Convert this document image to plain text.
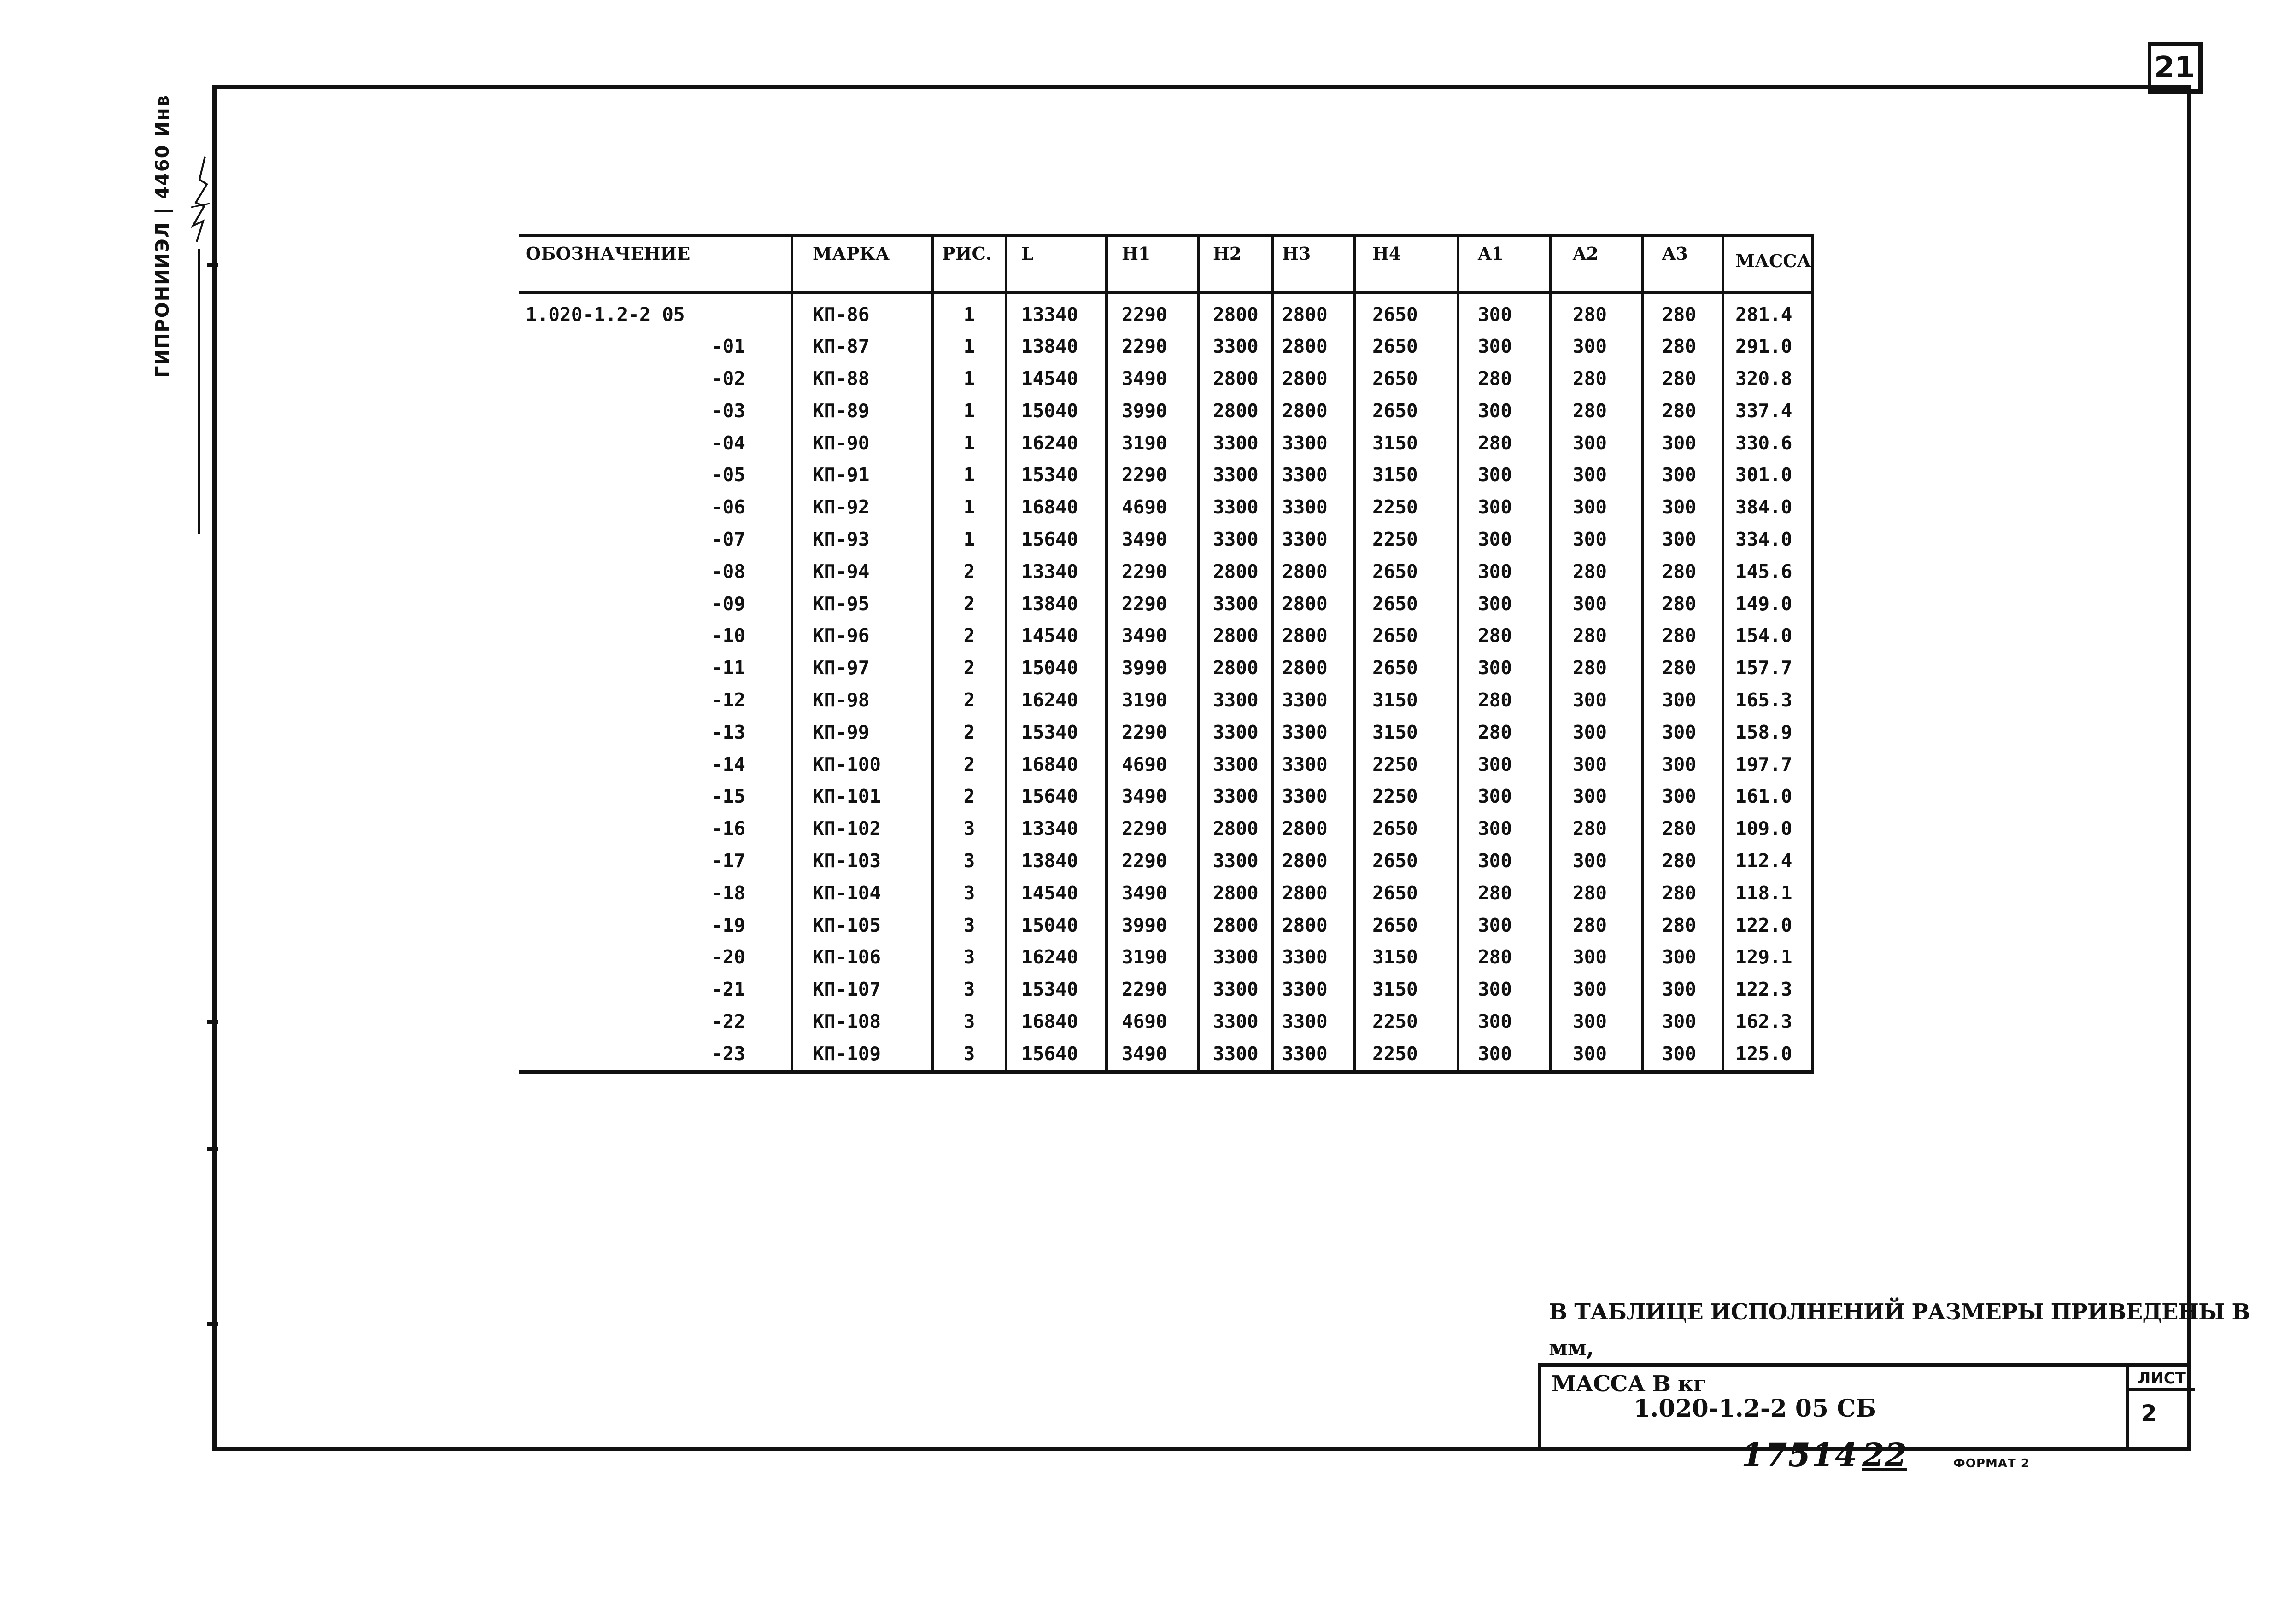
21
ГИПРОНИИЭЛ | 4460 Инв	ОБОЗНАЧЕНИЕ	МАРКА	РИС.	L	H1	H2	H3	H4	A1	A2	A3	МАССА
1.020-1.2-2 05	КП-86	1	13340	2290	2800	2800	2650	300	280	280	281.4
-01	КП-87	1	13840	2290	3300	2800	2650	300	300	280	291.0
-02	КП-88	1	14540	3490	2800	2800	2650	280	280	280	320.8
-03	КП-89	1	15040	3990	2800	2800	2650	300	280	280	337.4
-04	КП-90	1	16240	3190	3300	3300	3150	280	300	300	330.6
-05	КП-91	1	15340	2290	3300	3300	3150	300	300	300	301.0
-06	КП-92	1	16840	4690	3300	3300	2250	300	300	300	384.0
-07	КП-93	1	15640	3490	3300	3300	2250	300	300	300	334.0
-08	КП-94	2	13340	2290	2800	2800	2650	300	280	280	145.6
-09	КП-95	2	13840	2290	3300	2800	2650	300	300	280	149.0
-10	КП-96	2	14540	3490	2800	2800	2650	280	280	280	154.0
-11	КП-97	2	15040	3990	2800	2800	2650	300	280	280	157.7
-12	КП-98	2	16240	3190	3300	3300	3150	280	300	300	165.3
-13	КП-99	2	15340	2290	3300	3300	3150	280	300	300	158.9
-14	КП-100	2	16840	4690	3300	3300	2250	300	300	300	197.7
-15	КП-101	2	15640	3490	3300	3300	2250	300	300	300	161.0
-16	КП-102	3	13340	2290	2800	2800	2650	300	280	280	109.0
-17	КП-103	3	13840	2290	3300	2800	2650	300	300	280	112.4
-18	КП-104	3	14540	3490	2800	2800	2650	280	280	280	118.1
-19	КП-105	3	15040	3990	2800	2800	2650	300	280	280	122.0
-20	КП-106	3	16240	3190	3300	3300	3150	280	300	300	129.1
-21	КП-107	3	15340	2290	3300	3300	3150	300	300	300	122.3
-22	КП-108	3	16840	4690	3300	3300	2250	300	300	300	162.3
-23	КП-109	3	15640	3490	3300	3300	2250	300	300	300	125.0
В ТАБЛИЦЕ ИСПОЛНЕНИЙ РАЗМЕРЫ ПРИВЕДЕНЫ В мм,
МАССА В кг
1.020-1.2-2 05 СБ
ЛИСТ
2
17514 22	ФОРМАТ 2
